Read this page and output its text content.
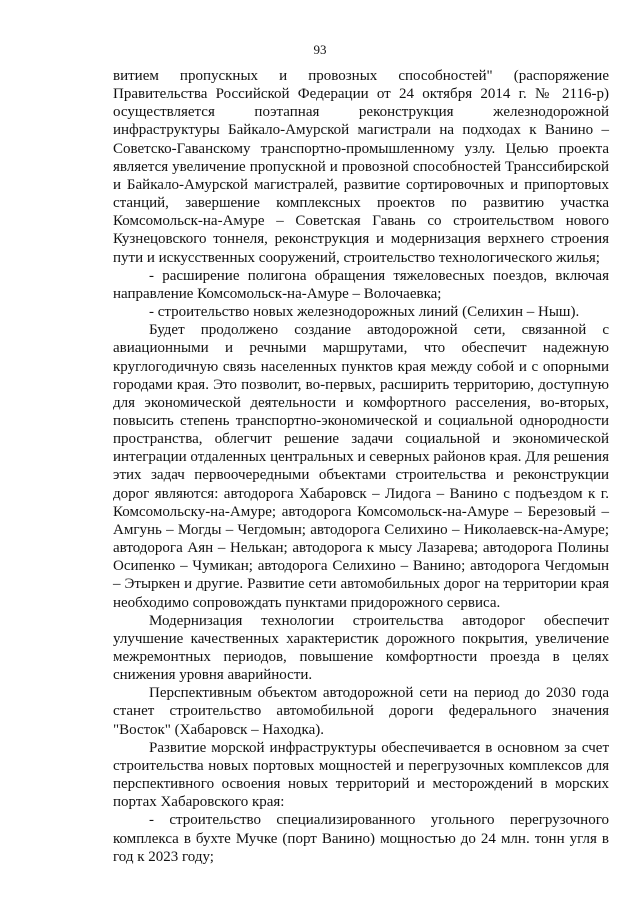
93

витием пропускных и провозных способностей" (распоряжение Правительства Российской Федерации от 24 октября 2014 г. № 2116-р) осуществляется поэтапная реконструкция железнодорожной инфраструктуры Байкало-Амурской магистрали на подходах к Ванино – Советско-Гаванскому транспортно-промышленному узлу. Целью проекта является увеличение пропускной и провозной способностей Транссибирской и Байкало-Амурской магистралей, развитие сортировочных и припортовых станций, завершение комплексных проектов по развитию участка Комсомольск-на-Амуре – Советская Гавань со строительством нового Кузнецовского тоннеля, реконструкция и модернизация верхнего строения пути и искусственных сооружений, строительство технологического жилья;

- расширение полигона обращения тяжеловесных поездов, включая направление Комсомольск-на-Амуре – Волочаевка;

- строительство новых железнодорожных линий (Селихин – Ныш).

Будет продолжено создание автодорожной сети, связанной с авиационными и речными маршрутами, что обеспечит надежную круглогодичную связь населенных пунктов края между собой и с опорными городами края. Это позволит, во-первых, расширить территорию, доступную для экономической деятельности и комфортного расселения, во-вторых, повысить степень транспортно-экономической и социальной однородности пространства, облегчит решение задачи социальной и экономической интеграции отдаленных центральных и северных районов края. Для решения этих задач первоочередными объектами строительства и реконструкции дорог являются: автодорога Хабаровск – Лидога – Ванино с подъездом к г. Комсомольску-на-Амуре; автодорога Комсомольск-на-Амуре – Березовый – Амгунь – Могды – Чегдомын; автодорога Селихино – Николаевск-на-Амуре; автодорога Аян – Нелькан; автодорога к мысу Лазарева; автодорога Полины Осипенко – Чумикан; автодорога Селихино – Ванино; автодорога Чегдомын – Этыркен и другие. Развитие сети автомобильных дорог на территории края необходимо сопровождать пунктами придорожного сервиса.

Модернизация технологии строительства автодорог обеспечит улучшение качественных характеристик дорожного покрытия, увеличение межремонтных периодов, повышение комфортности проезда в целях снижения уровня аварийности.

Перспективным объектом автодорожной сети на период до 2030 года станет строительство автомобильной дороги федерального значения "Восток" (Хабаровск – Находка).

Развитие морской инфраструктуры обеспечивается в основном за счет строительства новых портовых мощностей и перегрузочных комплексов для перспективного освоения новых территорий и месторождений в морских портах Хабаровского края:

- строительство специализированного угольного перегрузочного комплекса в бухте Мучке (порт Ванино) мощностью до 24 млн. тонн угля в год к 2023 году;
